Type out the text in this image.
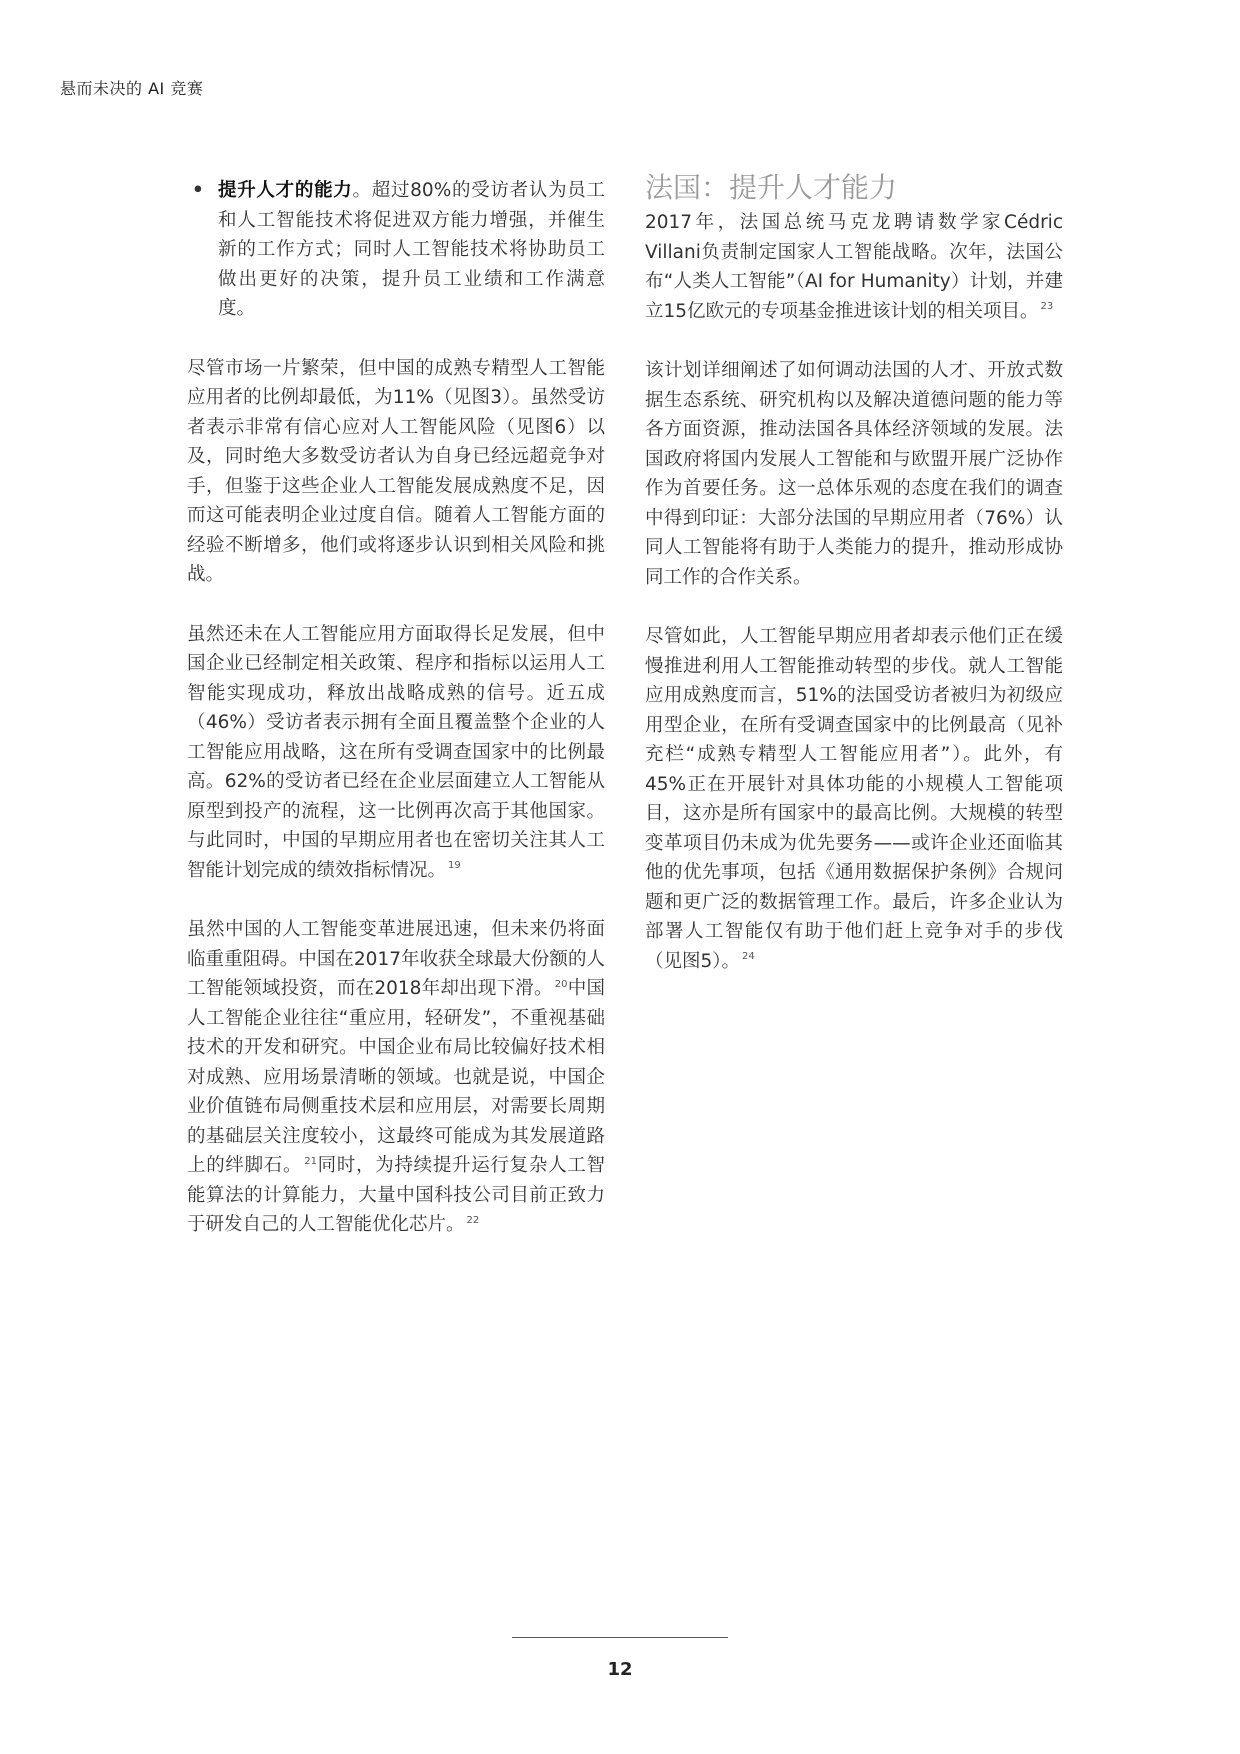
悬而未决的 AI 竞赛
• 提升人才的能力。超过80%的受访者认为员工和人工智能技术将促进双方能力增强，并催生新的工作方式；同时人工智能技术将协助员工做出更好的决策，提升员工业绩和工作满意度。

尽管市场一片繁荣，但中国的成熟专精型人工智能应用者的比例却最低，为11%（见图3）。虽然受访者表示非常有信心应对人工智能风险（见图6）以及，同时绝大多数受访者认为自身已经远超竞争对手，但鉴于这些企业人工智能发展成熟度不足，因而这可能表明企业过度自信。随着人工智能方面的经验不断增多，他们或将逐步认识到相关风险和挑战。

虽然还未在人工智能应用方面取得长足发展，但中国企业已经制定相关政策、程序和指标以运用人工智能实现成功，释放出战略成熟的信号。近五成（46%）受访者表示拥有全面且覆盖整个企业的人工智能应用战略，这在所有受调查国家中的比例最高。62%的受访者已经在企业层面建立人工智能从原型到投产的流程，这一比例再次高于其他国家。与此同时，中国的早期应用者也在密切关注其人工智能计划完成的绩效指标情况。 $^{19}$

虽然中国的人工智能变革进展迅速，但未来仍将面临重重阻碍。中国在2017年收获全球最大份额的人工智能领域投资，而在2018年却出现下滑。 $^{20}$中国人工智能企业往往“重应用，轻研发”，不重视基础技术的开发和研究。中国企业布局比较偏好技术相对成熟、应用场景清晰的领域。也就是说，中国企业价值链布局侧重技术层和应用层，对需要长周期的基础层关注度较小，这最终可能成为其发展道路上的绊脚石。 $^{21}$同时，为持续提升运行复杂人工智能算法的计算能力，大量中国科技公司目前正致力于研发自己的人工智能优化芯片。 $^{22}$

法国：提升人才能力

2017年，法国总统马克龙聘请数学家Cédric Villani负责制定国家人工智能战略。次年，法国公布“人类人工智能”（AI for Humanity）计划，并建立15亿欧元的专项基金推进该计划的相关项目。 $^{23}$

该计划详细阐述了如何调动法国的人才、开放式数据生态系统、研究机构以及解决道德问题的能力等各方面资源，推动法国各具体经济领域的发展。法国政府将国内发展人工智能和与欧盟开展广泛协作作为首要任务。这一总体乐观的态度在我们的调查中得到印证：大部分法国的早期应用者（76%）认同人工智能将有助于人类能力的提升，推动形成协同工作的合作关系。

尽管如此，人工智能早期应用者却表示他们正在缓慢推进利用人工智能推动转型的步伐。就人工智能应用成熟度而言，51%的法国受访者被归为初级应用型企业，在所有受调查国家中的比例最高（见补充栏“成熟专精型人工智能应用者”）。此外，有45%正在开展针对具体功能的小规模人工智能项目，这亦是所有国家中的最高比例。大规模的转型变革项目仍未成为优先要务——或许企业还面临其他的优先事项，包括《通用数据保护条例》合规问题和更广泛的数据管理工作。最后，许多企业认为部署人工智能仅有助于他们赶上竞争对手的步伐（见图5）。 $^{24}$

12
